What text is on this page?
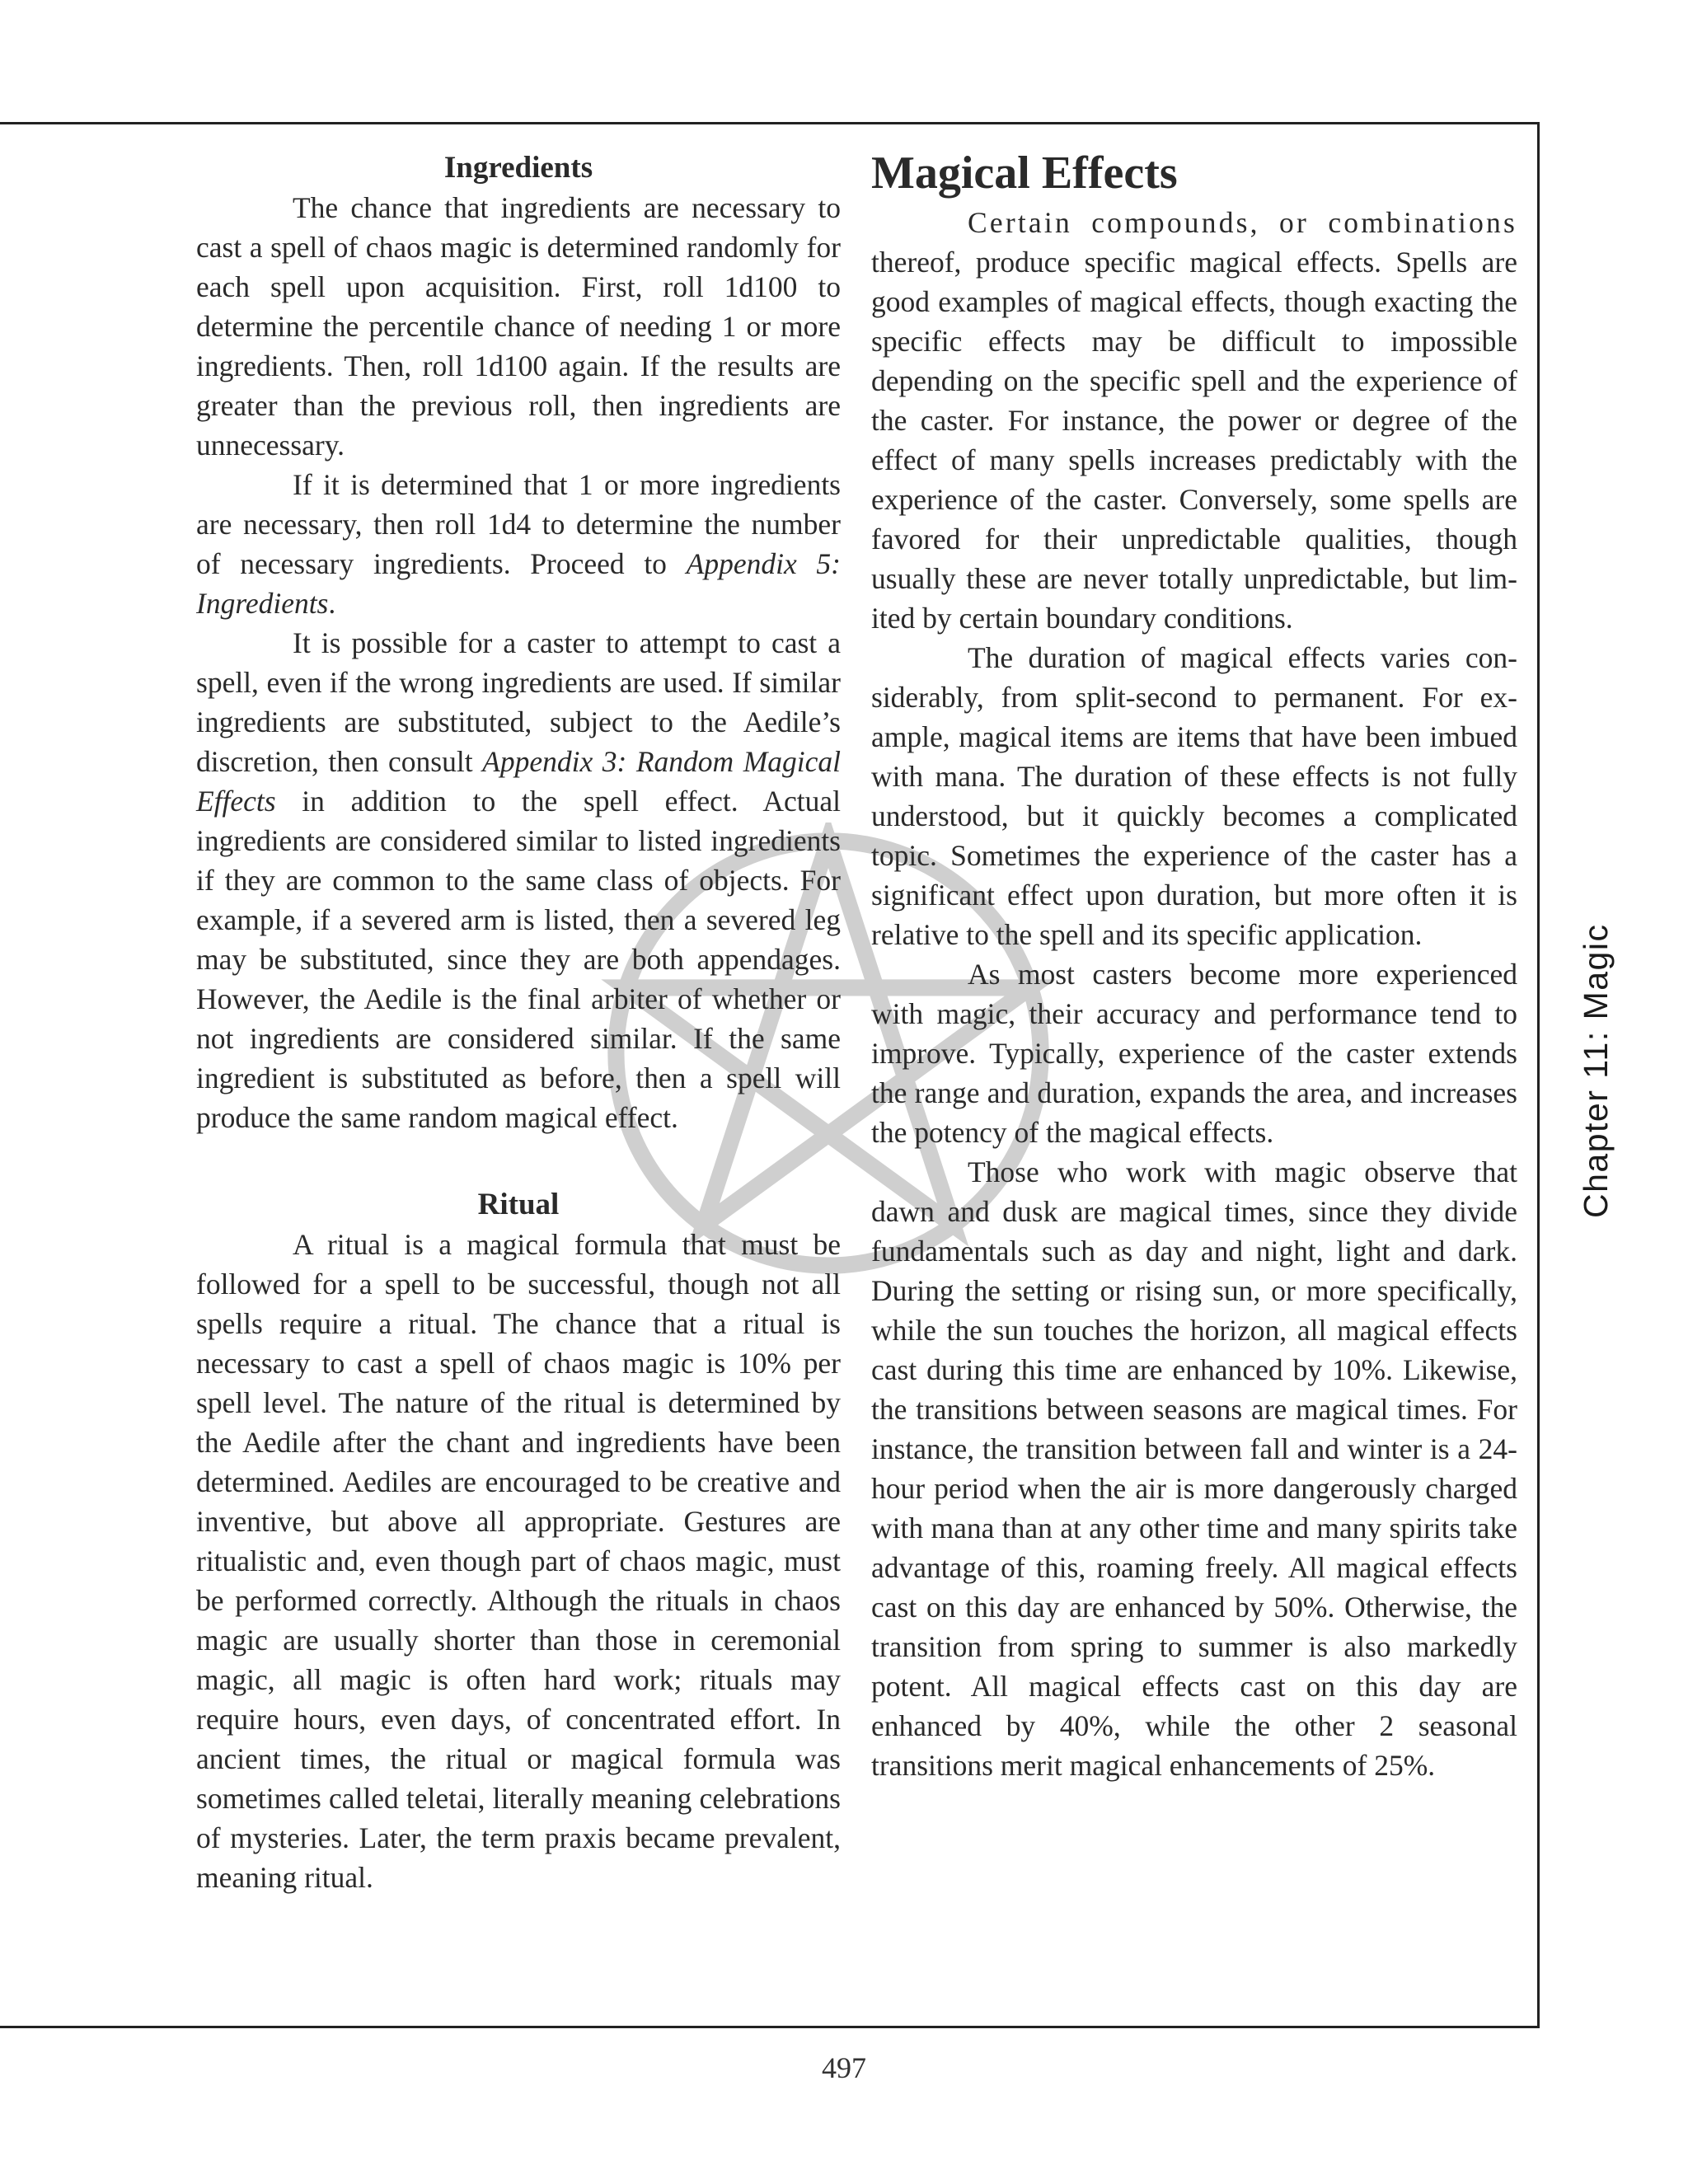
Ingredients

The chance that ingredients are necessary to cast a spell of chaos magic is determined randomly for each spell upon acquisition. First, roll 1d100 to determine the percentile chance of needing 1 or more ingredients. Then, roll 1d100 again. If the results are greater than the previous roll, then ingredients are unnecessary.

If it is determined that 1 or more ingredients are necessary, then roll 1d4 to determine the number of necessary ingredients. Proceed to Appendix 5: Ingredients.

It is possible for a caster to attempt to cast a spell, even if the wrong ingredients are used. If similar ingredients are substituted, subject to the Aedile’s discretion, then consult Appendix 3: Random Magical Effects in addition to the spell effect. Actual ingredients are considered similar to listed ingredients if they are common to the same class of objects. For example, if a severed arm is listed, then a severed leg may be substituted, since they are both appendages. However, the Aedile is the final arbiter of whether or not ingredients are considered similar. If the same ingredient is substituted as before, then a spell will produce the same random magical effect.

Ritual

A ritual is a magical formula that must be followed for a spell to be successful, though not all spells require a ritual. The chance that a ritual is necessary to cast a spell of chaos magic is 10% per spell level. The nature of the ritual is determined by the Aedile after the chant and ingredients have been determined. Aediles are encouraged to be creative and inventive, but above all appropriate. Gestures are ritualistic and, even though part of chaos magic, must be performed correctly. Although the rituals in chaos magic are usually shorter than those in ceremonial magic, all magic is often hard work; rituals may require hours, even days, of concentrated effort. In ancient times, the ritual or magical formula was sometimes called teletai, literally meaning celebrations of mysteries. Later, the term praxis became prevalent, meaning ritual.

Magical Effects

Certain compounds, or combinations thereof, produce specific magical effects. Spells are good examples of magical effects, though exacting the specific effects may be difficult to impossible depending on the specific spell and the experience of the caster. For instance, the power or degree of the effect of many spells increases predictably with the experience of the caster. Conversely, some spells are favored for their unpredictable qualities, though usually these are never totally unpredictable, but limited by certain boundary conditions.

The duration of magical effects varies considerably, from split-second to permanent. For example, magical items are items that have been imbued with mana. The duration of these effects is not fully understood, but it quickly becomes a complicated topic. Sometimes the experience of the caster has a significant effect upon duration, but more often it is relative to the spell and its specific application.

As most casters become more experienced with magic, their accuracy and performance tend to improve. Typically, experience of the caster extends the range and duration, expands the area, and increases the potency of the magical effects.

Those who work with magic observe that dawn and dusk are magical times, since they divide fundamentals such as day and night, light and dark. During the setting or rising sun, or more specifically, while the sun touches the horizon, all magical effects cast during this time are enhanced by 10%. Likewise, the transitions between seasons are magical times. For instance, the transition between fall and winter is a 24-hour period when the air is more dangerously charged with mana than at any other time and many spirits take advantage of this, roaming freely. All magical effects cast on this day are enhanced by 50%. Otherwise, the transition from spring to summer is also markedly potent. All magical effects cast on this day are enhanced by 40%, while the other 2 seasonal transitions merit magical enhancements of 25%.

Chapter 11: Magic
497
